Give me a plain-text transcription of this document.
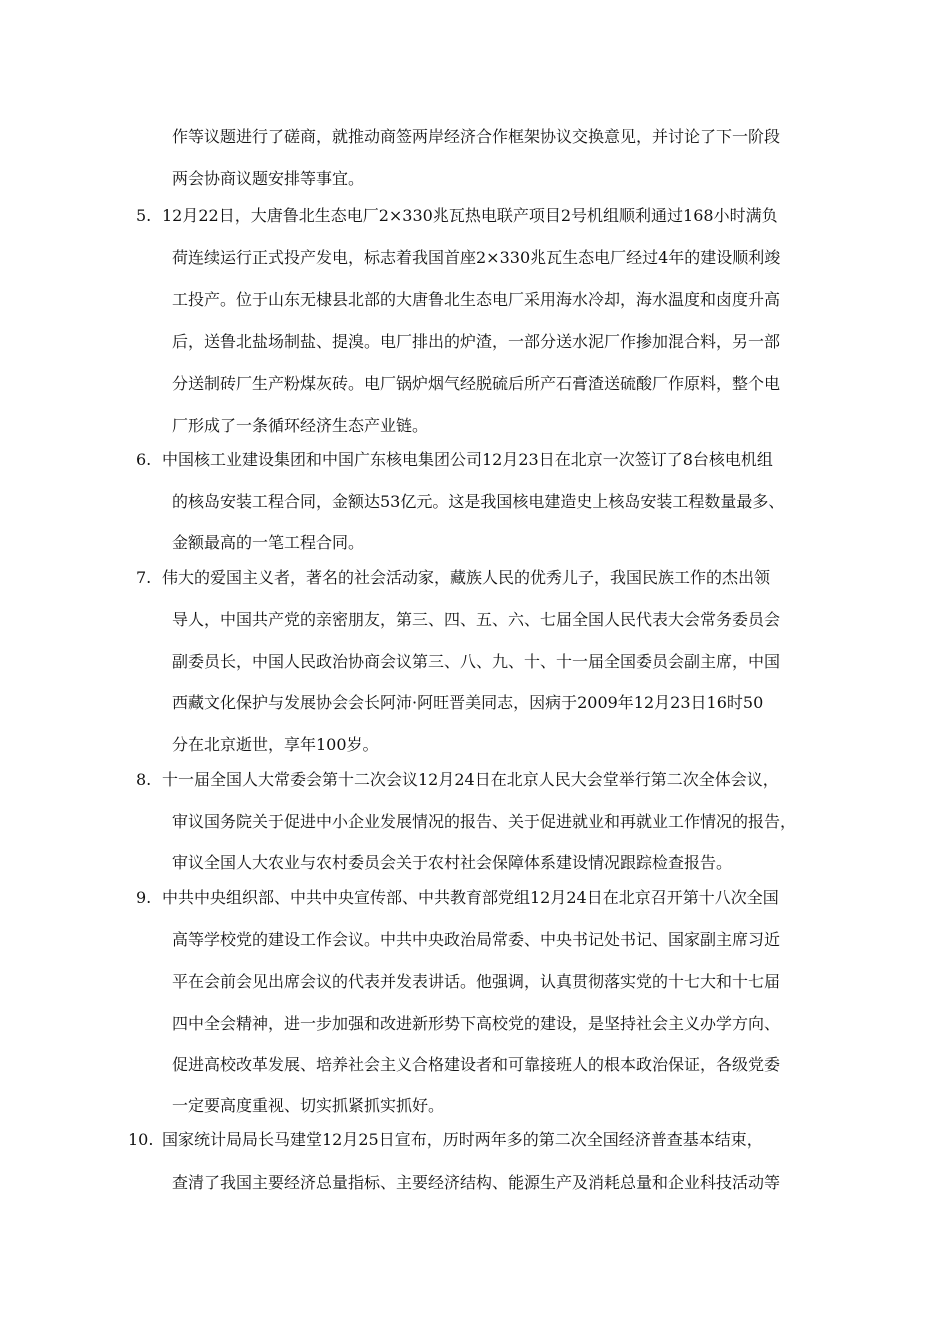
作等议题进行了磋商，就推动商签两岸经济合作框架协议交换意见，并讨论了下一阶段
两会协商议题安排等事宜。
5. 12月22日，大唐鲁北生态电厂2×330兆瓦热电联产项目2号机组顺利通过168小时满负
荷连续运行正式投产发电，标志着我国首座2×330兆瓦生态电厂经过4年的建设顺利竣
工投产。位于山东无棣县北部的大唐鲁北生态电厂采用海水冷却，海水温度和卤度升高
后，送鲁北盐场制盐、提溴。电厂排出的炉渣，一部分送水泥厂作掺加混合料，另一部
分送制砖厂生产粉煤灰砖。电厂锅炉烟气经脱硫后所产石膏渣送硫酸厂作原料，整个电
厂形成了一条循环经济生态产业链。
6. 中国核工业建设集团和中国广东核电集团公司12月23日在北京一次签订了8台核电机组
的核岛安装工程合同，金额达53亿元。这是我国核电建造史上核岛安装工程数量最多、
金额最高的一笔工程合同。
7. 伟大的爱国主义者，著名的社会活动家，藏族人民的优秀儿子，我国民族工作的杰出领
导人，中国共产党的亲密朋友，第三、四、五、六、七届全国人民代表大会常务委员会
副委员长，中国人民政治协商会议第三、八、九、十、十一届全国委员会副主席，中国
西藏文化保护与发展协会会长阿沛·阿旺晋美同志，因病于2009年12月23日16时50
分在北京逝世，享年100岁。
8. 十一届全国人大常委会第十二次会议12月24日在北京人民大会堂举行第二次全体会议，
审议国务院关于促进中小企业发展情况的报告、关于促进就业和再就业工作情况的报告，
审议全国人大农业与农村委员会关于农村社会保障体系建设情况跟踪检查报告。
9. 中共中央组织部、中共中央宣传部、中共教育部党组12月24日在北京召开第十八次全国
高等学校党的建设工作会议。中共中央政治局常委、中央书记处书记、国家副主席习近
平在会前会见出席会议的代表并发表讲话。他强调，认真贯彻落实党的十七大和十七届
四中全会精神，进一步加强和改进新形势下高校党的建设，是坚持社会主义办学方向、
促进高校改革发展、培养社会主义合格建设者和可靠接班人的根本政治保证，各级党委
一定要高度重视、切实抓紧抓实抓好。
10. 国家统计局局长马建堂12月25日宣布，历时两年多的第二次全国经济普查基本结束，
查清了我国主要经济总量指标、主要经济结构、能源生产及消耗总量和企业科技活动等
